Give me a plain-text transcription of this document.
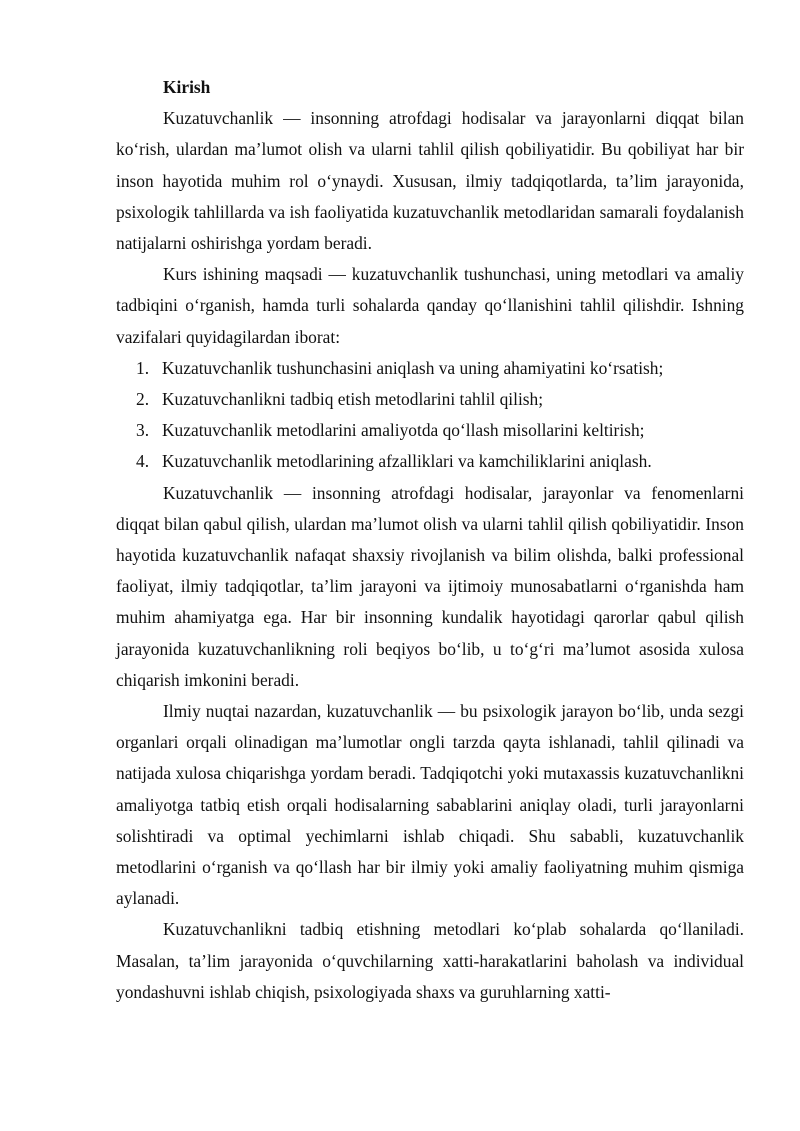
Kirish

Kuzatuvchanlik — insonning atrofdagi hodisalar va jarayonlarni diqqat bilan ko‘rish, ulardan ma’lumot olish va ularni tahlil qilish qobiliyatidir. Bu qobiliyat har bir inson hayotida muhim rol o‘ynaydi. Xususan, ilmiy tadqiqotlarda, ta’lim jarayonida, psixologik tahlillarda va ish faoliyatida kuzatuvchanlik metodlaridan samarali foydalanish natijalarni oshirishga yordam beradi.

Kurs ishining maqsadi — kuzatuvchanlik tushunchasi, uning metodlari va amaliy tadbiqini o‘rganish, hamda turli sohalarda qanday qo‘llanishini tahlil qilishdir. Ishning vazifalari quyidagilardan iborat:

1. Kuzatuvchanlik tushunchasini aniqlash va uning ahamiyatini ko‘rsatish;
2. Kuzatuvchanlikni tadbiq etish metodlarini tahlil qilish;
3. Kuzatuvchanlik metodlarini amaliyotda qo‘llash misollarini keltirish;
4. Kuzatuvchanlik metodlarining afzalliklari va kamchiliklarini aniqlash.

Kuzatuvchanlik — insonning atrofdagi hodisalar, jarayonlar va fenomenlarni diqqat bilan qabul qilish, ulardan ma’lumot olish va ularni tahlil qilish qobiliyatidir. Inson hayotida kuzatuvchanlik nafaqat shaxsiy rivojlanish va bilim olishda, balki professional faoliyat, ilmiy tadqiqotlar, ta’lim jarayoni va ijtimoiy munosabatlarni o‘rganishda ham muhim ahamiyatga ega. Har bir insonning kundalik hayotidagi qarorlar qabul qilish jarayonida kuzatuvchanlikning roli beqiyos bo‘lib, u to‘g‘ri ma’lumot asosida xulosa chiqarish imkonini beradi.

Ilmiy nuqtai nazardan, kuzatuvchanlik — bu psixologik jarayon bo‘lib, unda sezgi organlari orqali olinadigan ma’lumotlar ongli tarzda qayta ishlanadi, tahlil qilinadi va natijada xulosa chiqarishga yordam beradi. Tadqiqotchi yoki mutaxassis kuzatuvchanlikni amaliyotga tatbiq etish orqali hodisalarning sabablarini aniqlay oladi, turli jarayonlarni solishtiradi va optimal yechimlarni ishlab chiqadi. Shu sababli, kuzatuvchanlik metodlarini o‘rganish va qo‘llash har bir ilmiy yoki amaliy faoliyatning muhim qismiga aylanadi.

Kuzatuvchanlikni tadbiq etishning metodlari ko‘plab sohalarda qo‘llaniladi. Masalan, ta’lim jarayonida o‘quvchilarning xatti-harakatlarini baholash va individual yondashuvni ishlab chiqish, psixologiyada shaxs va guruhlarning xatti-
